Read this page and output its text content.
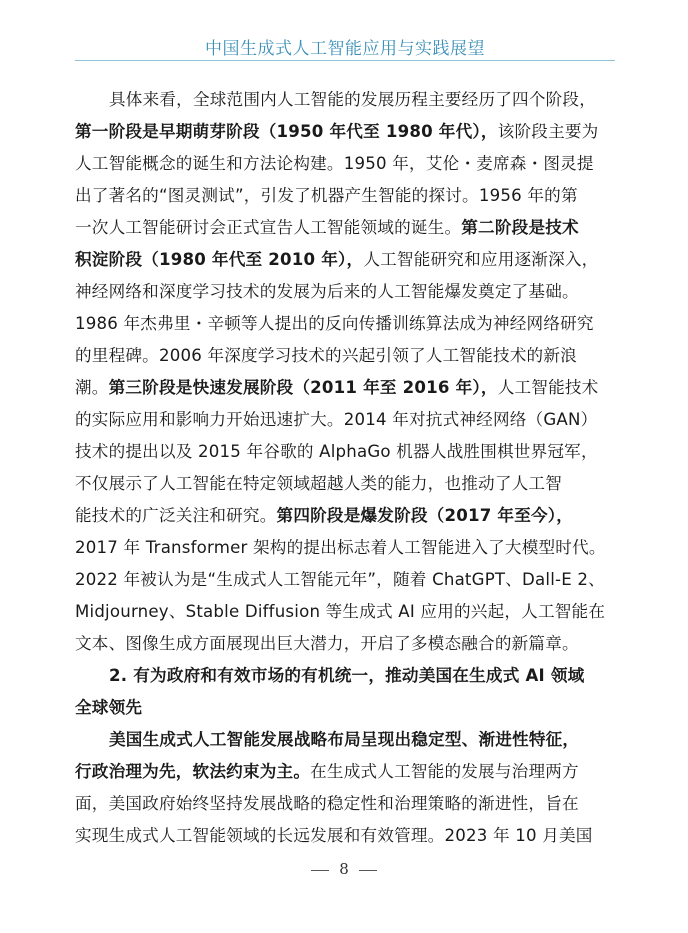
中国生成式人工智能应用与实践展望
具体来看，全球范围内人工智能的发展历程主要经历了四个阶段，
第一阶段是早期萌芽阶段（1950 年代至 1980 年代），该阶段主要为
人工智能概念的诞生和方法论构建。1950 年，艾伦・麦席森・图灵提
出了著名的“图灵测试”，引发了机器产生智能的探讨。1956 年的第
一次人工智能研讨会正式宣告人工智能领域的诞生。第二阶段是技术
积淀阶段（1980 年代至 2010 年），人工智能研究和应用逐渐深入，
神经网络和深度学习技术的发展为后来的人工智能爆发奠定了基础。
1986 年杰弗里・辛顿等人提出的反向传播训练算法成为神经网络研究
的里程碑。2006 年深度学习技术的兴起引领了人工智能技术的新浪
潮。第三阶段是快速发展阶段（2011 年至 2016 年），人工智能技术
的实际应用和影响力开始迅速扩大。2014 年对抗式神经网络（GAN）
技术的提出以及 2015 年谷歌的 AlphaGo 机器人战胜围棋世界冠军，
不仅展示了人工智能在特定领域超越人类的能力，也推动了人工智
能技术的广泛关注和研究。第四阶段是爆发阶段（2017 年至今），
2017 年 Transformer 架构的提出标志着人工智能进入了大模型时代。
2022 年被认为是“生成式人工智能元年”，随着 ChatGPT、Dall-E 2、
Midjourney、Stable Diffusion 等生成式 AI 应用的兴起，人工智能在
文本、图像生成方面展现出巨大潜力，开启了多模态融合的新篇章。
2. 有为政府和有效市场的有机统一，推动美国在生成式 AI 领域
全球领先
美国生成式人工智能发展战略布局呈现出稳定型、渐进性特征，
行政治理为先，软法约束为主。在生成式人工智能的发展与治理两方
面，美国政府始终坚持发展战略的稳定性和治理策略的渐进性，旨在
实现生成式人工智能领域的长远发展和有效管理。2023 年 10 月美国
8
